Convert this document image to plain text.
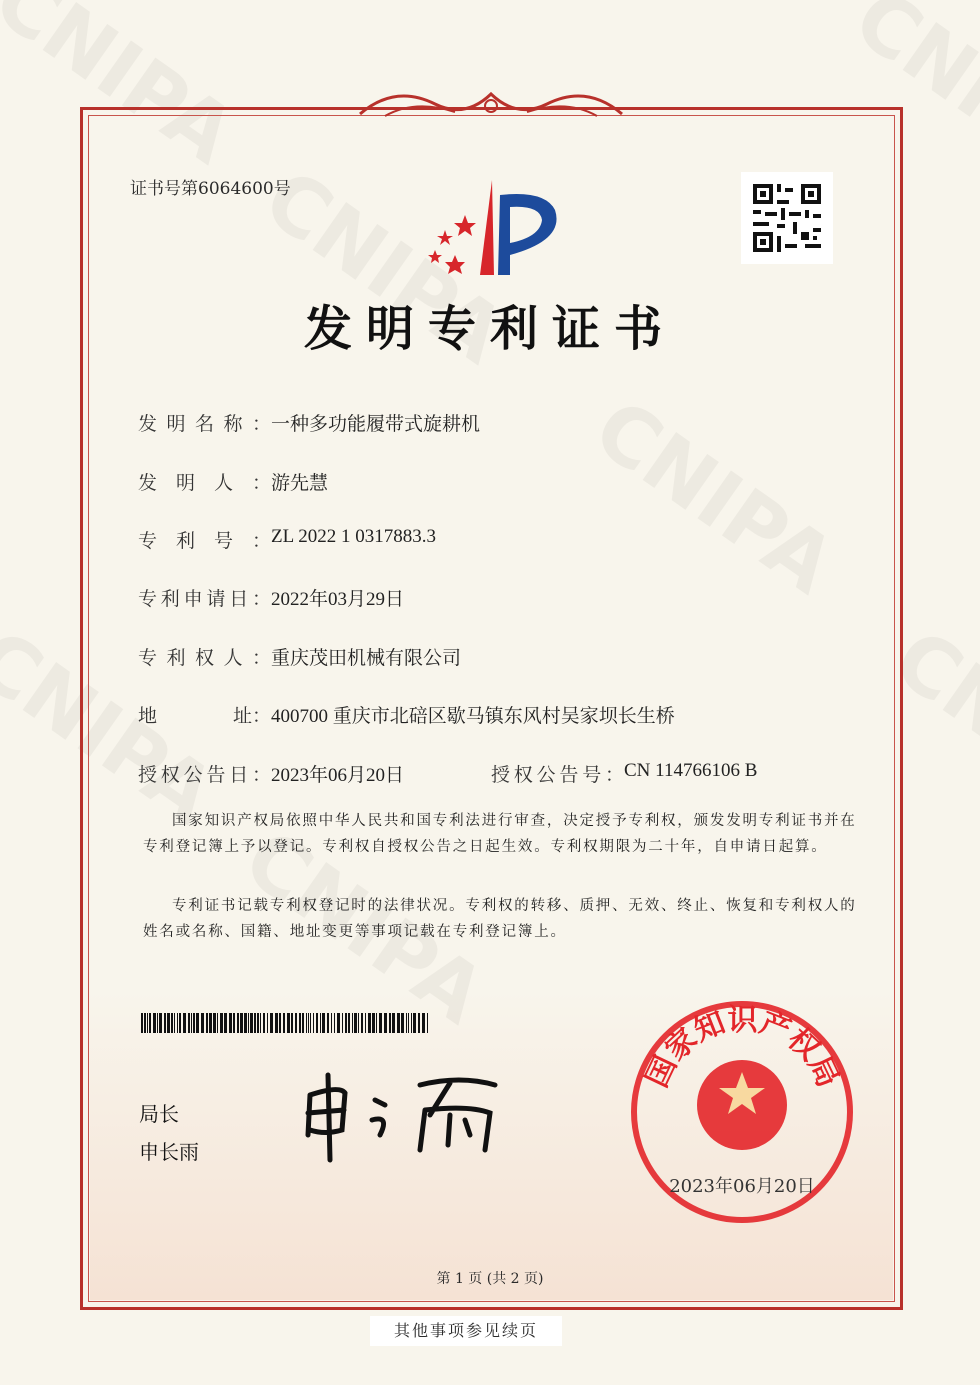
证书号第6064600号
发明专利证书
发 明 名 称 ： 一种多功能履带式旋耕机
发 明 人 ： 游先慧
专 利 号 ： ZL 2022 1 0317883.3
专 利 申 请 日 ： 2022年03月29日
专 利 权 人 ： 重庆茂田机械有限公司
地	址 ： 400700 重庆市北碚区歇马镇东风村吴家坝长生桥
授 权 公 告 日 ： 2023年06月20日	授 权 公 告 号 ： CN 114766106 B
国家知识产权局依照中华人民共和国专利法进行审查，决定授予专利权，颁发发明专利证书并在专利登记簿上予以登记。专利权自授权公告之日起生效。专利权期限为二十年，自申请日起算。
专利证书记载专利权登记时的法律状况。专利权的转移、质押、无效、终止、恢复和专利权人的姓名或名称、国籍、地址变更等事项记载在专利登记簿上。
局长
申长雨
国家知识产权局
2023年06月20日
第 1 页 (共 2 页)
其他事项参见续页
